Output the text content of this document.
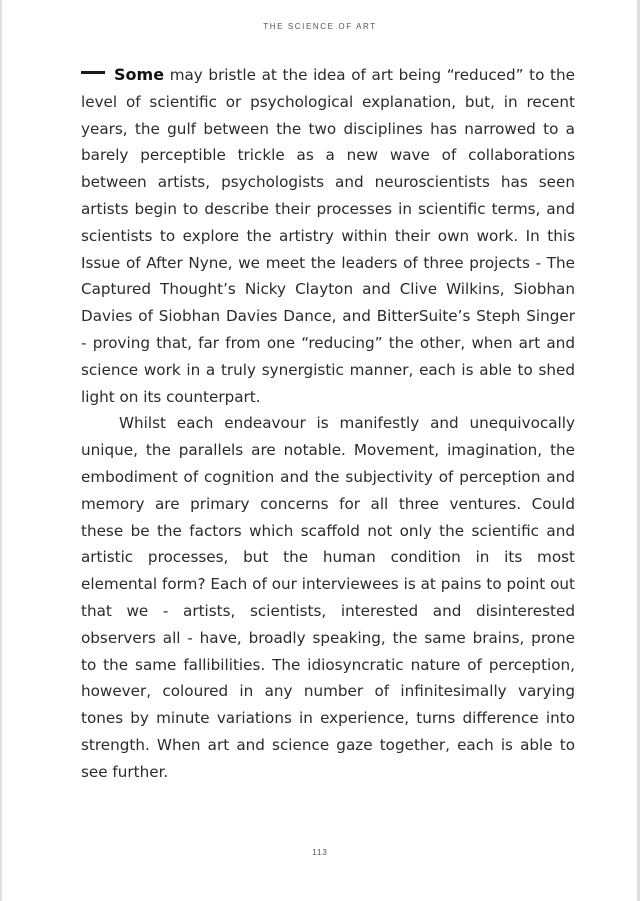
THE SCIENCE OF ART

Some may bristle at the idea of art being “reduced” to the level of scientific or psychological explanation, but, in recent years, the gulf between the two disciplines has narrowed to a barely perceptible trickle as a new wave of collaborations between artists, psychologists and neuroscientists has seen artists begin to describe their processes in scientific terms, and scientists to explore the artistry within their own work. In this Issue of After Nyne, we meet the leaders of three projects - The Captured Thought’s Nicky Clayton and Clive Wilkins, Siobhan Davies of Siobhan Davies Dance, and BitterSuite’s Steph Singer - proving that, far from one “reducing” the other, when art and science work in a truly synergistic manner, each is able to shed light on its counterpart.

Whilst each endeavour is manifestly and unequivocally unique, the parallels are notable. Movement, imagination, the embodiment of cognition and the subjectivity of perception and memory are primary concerns for all three ventures. Could these be the factors which scaffold not only the scientific and artistic processes, but the human condition in its most elemental form? Each of our interviewees is at pains to point out that we - artists, scientists, interested and disinterested observers all - have, broadly speaking, the same brains, prone to the same fallibilities. The idiosyncratic nature of perception, however, coloured in any number of infinitesimally varying tones by minute variations in experience, turns difference into strength. When art and science gaze together, each is able to see further.

113
